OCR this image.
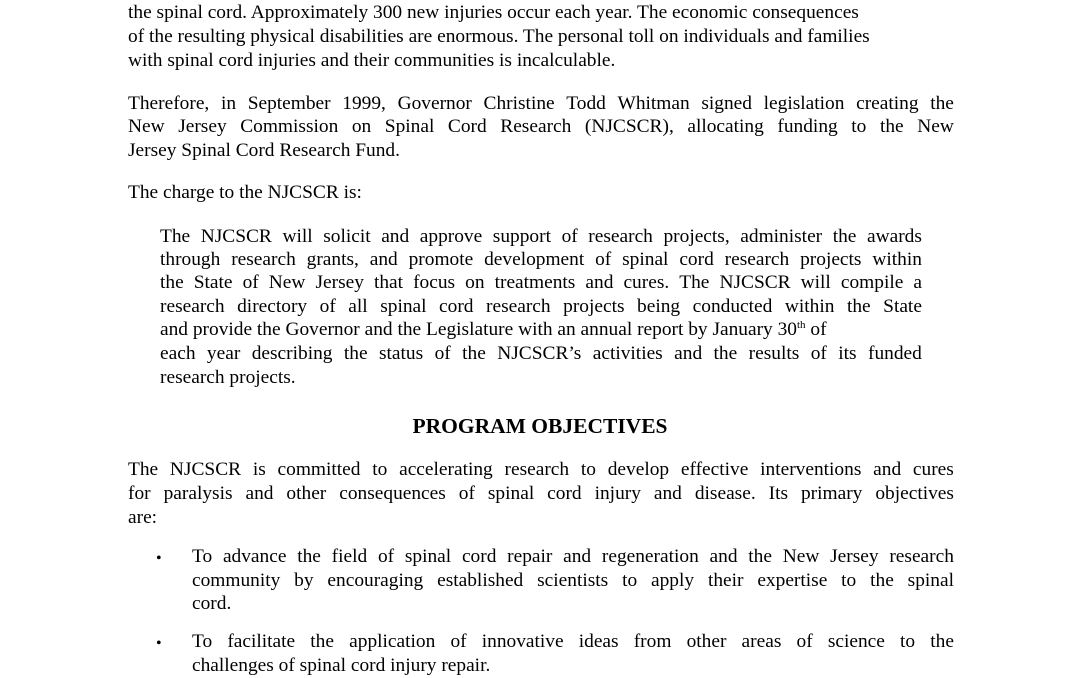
the spinal cord. Approximately 300 new injuries occur each year. The economic consequences
of the resulting physical disabilities are enormous. The personal toll on individuals and families
with spinal cord injuries and their communities is incalculable.
Therefore, in September 1999, Governor Christine Todd Whitman signed legislation creating the
New Jersey Commission on Spinal Cord Research (NJCSCR), allocating funding to the New
Jersey Spinal Cord Research Fund.
The charge to the NJCSCR is:
The NJCSCR will solicit and approve support of research projects, administer the awards
through research grants, and promote development of spinal cord research projects within
the State of New Jersey that focus on treatments and cures. The NJCSCR will compile a
research directory of all spinal cord research projects being conducted within the State
and provide the Governor and the Legislature with an annual report by January 30th of
each year describing the status of the NJCSCR’s activities and the results of its funded
research projects.
PROGRAM OBJECTIVES
The NJCSCR is committed to accelerating research to develop effective interventions and cures
for paralysis and other consequences of spinal cord injury and disease. Its primary objectives
are:
• To advance the field of spinal cord repair and regeneration and the New Jersey research
community by encouraging established scientists to apply their expertise to the spinal
cord.
• To facilitate the application of innovative ideas from other areas of science to the
challenges of spinal cord injury repair.
